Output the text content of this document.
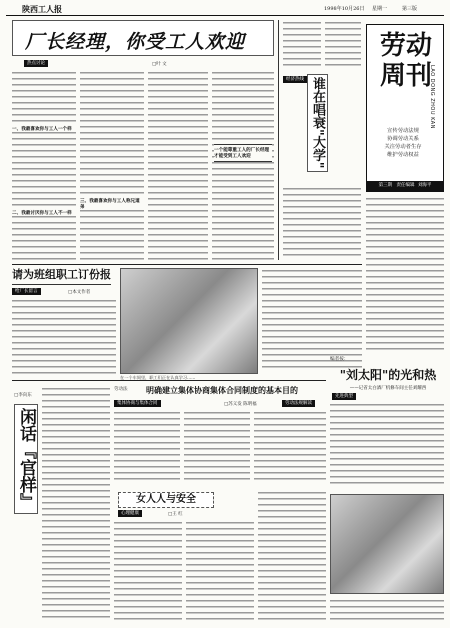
陕西工人报	1998年10月26日 星期一	第三版
厂长经理，你受工人欢迎
热点讨论	□叶 文
一、我最喜欢你与工人一个样
二、我最讨厌你与工人不一样
三、我最喜欢你与工人称兄道弟
一个能尊重工人的厂长经理才能受到工人欢迎	谁在唱衰"大学"
经济热线
劳动周刊
LAO DONG ZHOU KAN
宣传劳动法规
协调劳动关系
关注劳动者生存
维护劳动权益
第三期 责任编辑 刘海平
请为班组职工订份报
给厂长留言	□本文作者
在一个车间里，职工们正在认真学习……
编者按：
"刘太阳"的光和热
——记省太白酒厂机修车间主任刘耀西
先进典型
闲话『官样』
□李向东
劳动法 明确建立集体协商集体合同制度的基本目的
集体协商与集体合同	□苏义发 陈明福	劳动法规解读
女人人与安全
心理健康	□王 红
